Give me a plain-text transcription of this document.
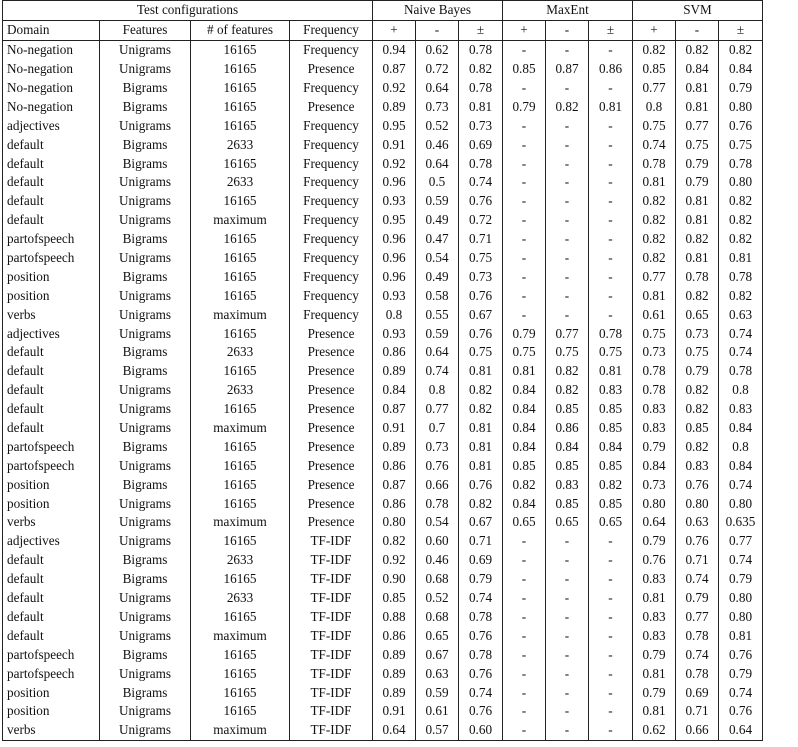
Test configurations				Naive Bayes			MaxEnt			SVM		
Domain	Features	# of features	Frequency	+	-	±	+	-	±	+	-	±
No-negation	Unigrams	16165	Frequency	0.94	0.62	0.78	-	-	-	0.82	0.82	0.82
No-negation	Unigrams	16165	Presence	0.87	0.72	0.82	0.85	0.87	0.86	0.85	0.84	0.84
No-negation	Bigrams	16165	Frequency	0.92	0.64	0.78	-	-	-	0.77	0.81	0.79
No-negation	Bigrams	16165	Presence	0.89	0.73	0.81	0.79	0.82	0.81	0.8	0.81	0.80
adjectives	Unigrams	16165	Frequency	0.95	0.52	0.73	-	-	-	0.75	0.77	0.76
default	Bigrams	2633	Frequency	0.91	0.46	0.69	-	-	-	0.74	0.75	0.75
default	Bigrams	16165	Frequency	0.92	0.64	0.78	-	-	-	0.78	0.79	0.78
default	Unigrams	2633	Frequency	0.96	0.5	0.74	-	-	-	0.81	0.79	0.80
default	Unigrams	16165	Frequency	0.93	0.59	0.76	-	-	-	0.82	0.81	0.82
default	Unigrams	maximum	Frequency	0.95	0.49	0.72	-	-	-	0.82	0.81	0.82
partofspeech	Bigrams	16165	Frequency	0.96	0.47	0.71	-	-	-	0.82	0.82	0.82
partofspeech	Unigrams	16165	Frequency	0.96	0.54	0.75	-	-	-	0.82	0.81	0.81
position	Bigrams	16165	Frequency	0.96	0.49	0.73	-	-	-	0.77	0.78	0.78
position	Unigrams	16165	Frequency	0.93	0.58	0.76	-	-	-	0.81	0.82	0.82
verbs	Unigrams	maximum	Frequency	0.8	0.55	0.67	-	-	-	0.61	0.65	0.63
adjectives	Unigrams	16165	Presence	0.93	0.59	0.76	0.79	0.77	0.78	0.75	0.73	0.74
default	Bigrams	2633	Presence	0.86	0.64	0.75	0.75	0.75	0.75	0.73	0.75	0.74
default	Bigrams	16165	Presence	0.89	0.74	0.81	0.81	0.82	0.81	0.78	0.79	0.78
default	Unigrams	2633	Presence	0.84	0.8	0.82	0.84	0.82	0.83	0.78	0.82	0.8
default	Unigrams	16165	Presence	0.87	0.77	0.82	0.84	0.85	0.85	0.83	0.82	0.83
default	Unigrams	maximum	Presence	0.91	0.7	0.81	0.84	0.86	0.85	0.83	0.85	0.84
partofspeech	Bigrams	16165	Presence	0.89	0.73	0.81	0.84	0.84	0.84	0.79	0.82	0.8
partofspeech	Unigrams	16165	Presence	0.86	0.76	0.81	0.85	0.85	0.85	0.84	0.83	0.84
position	Bigrams	16165	Presence	0.87	0.66	0.76	0.82	0.83	0.82	0.73	0.76	0.74
position	Unigrams	16165	Presence	0.86	0.78	0.82	0.84	0.85	0.85	0.80	0.80	0.80
verbs	Unigrams	maximum	Presence	0.80	0.54	0.67	0.65	0.65	0.65	0.64	0.63	0.635
adjectives	Unigrams	16165	TF-IDF	0.82	0.60	0.71	-	-	-	0.79	0.76	0.77
default	Bigrams	2633	TF-IDF	0.92	0.46	0.69	-	-	-	0.76	0.71	0.74
default	Bigrams	16165	TF-IDF	0.90	0.68	0.79	-	-	-	0.83	0.74	0.79
default	Unigrams	2633	TF-IDF	0.85	0.52	0.74	-	-	-	0.81	0.79	0.80
default	Unigrams	16165	TF-IDF	0.88	0.68	0.78	-	-	-	0.83	0.77	0.80
default	Unigrams	maximum	TF-IDF	0.86	0.65	0.76	-	-	-	0.83	0.78	0.81
partofspeech	Bigrams	16165	TF-IDF	0.89	0.67	0.78	-	-	-	0.79	0.74	0.76
partofspeech	Unigrams	16165	TF-IDF	0.89	0.63	0.76	-	-	-	0.81	0.78	0.79
position	Bigrams	16165	TF-IDF	0.89	0.59	0.74	-	-	-	0.79	0.69	0.74
position	Unigrams	16165	TF-IDF	0.91	0.61	0.76	-	-	-	0.81	0.71	0.76
verbs	Unigrams	maximum	TF-IDF	0.64	0.57	0.60	-	-	-	0.62	0.66	0.64
